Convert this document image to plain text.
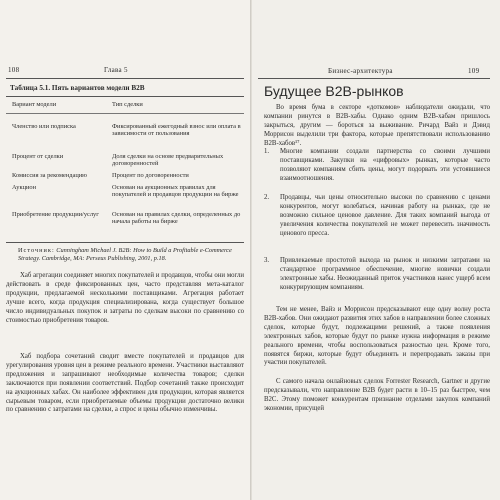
108	Глава 5
Таблица 5.1. Пять вариантов модели B2B
Вариант модели	Тип сделки
Членство или подписка	Фиксированный ежегодный взнос или оплата в зависимости от пользования
Процент от сделки	Доля сделки на основе предварительных договоренностей
Комиссия за рекомендацию	Процент по договоренности
Аукцион	Основан на аукционных правилах для покупателей и продавцов продукции на бирже
Приобретение продукции/услуг	Основан на правилах сделки, определенных до начала работы на бирже
Источник: Cunningham Michael J. B2B: How to Build a Profitable e-Commerce Strategy. Cambridge, MA: Perseus Publishing, 2001, p.18.
Хаб агрегации соединяет многих покупателей и продавцов, чтобы они могли действовать в среде фиксированных цен, часто представляя мета-каталог продукции, предлагаемой несколькими поставщиками. Агрегация работает лучше всего, когда продукция специализирована, когда существует большое число индивидуальных покупок и затраты по сделкам высоки по сравнению со стоимостью приобретения товаров.
Хаб подбора сочетаний сводит вместе покупателей и продавцов для урегулирования уровня цен в режиме реального времени. Участники выставляют предложения и запрашивают необходимые количества товаров; сделки заключаются при появлении соответствий. Подбор сочетаний также происходит на аукционных хабах. Он наиболее эффективен для продукции, которая является сырьевым товаром, если приобретаемые объемы продукции достаточно велики по сравнению с затратами на сделки, а спрос и цены обычно изменчивы.
Бизнес-архитектура	109
Будущее В2В-рынков
Во время бума в секторе «доткомов» наблюдатели ожидали, что компании ринутся в В2В-хабы. Однако одним В2В-хабам пришлось закрыться, другим — бороться за выживание. Ричард Вайз и Дэвид Моррисон выделили три фактора, которые препятствовали использованию В2В-хабов¹⁷.
1. Многие компании создали партнерства со своими лучшими поставщиками. Закупки на «цифровых» рынках, которые часто позволяют компаниям сбить цены, могут подорвать эти устоявшиеся взаимоотношения.
2. Продавцы, чьи цены относительно высоки по сравнению с ценами конкурентов, могут колебаться, начиная работу на рынках, где не возможно сильное ценовое давление. Для таких компаний выгода от увеличения количества покупателей не может перевесить значимость ценового пресса.
3. Привлекаемые простотой выхода на рынок и низкими затратами на стандартное программное обеспечение, многие новички создали электронные хабы. Неожиданный приток участников нанес ущерб всем конкурирующим компаниям.
Тем не менее, Вайз и Моррисон предсказывают еще одну волну роста В2В-хабов. Они ожидают развития этих хабов в направлении более сложных сделок, которые будут, подлежащими решений, а также появления электронных хабов, которые будут по рынке нужна информация в режиме реального времени, чтобы воспользоваться разностью цен. Кроме того, появятся биржи, которые будут объединять и перепродавать заказы при участии покупателей.
С самого начала онлайновых сделок Forrester Research, Gartner и другие предсказывали, что направление В2В будет расти в 10–15 раз быстрее, чем В2С. Этому поможет конкурентам признание отделами закупок компаний экономии, присущей
